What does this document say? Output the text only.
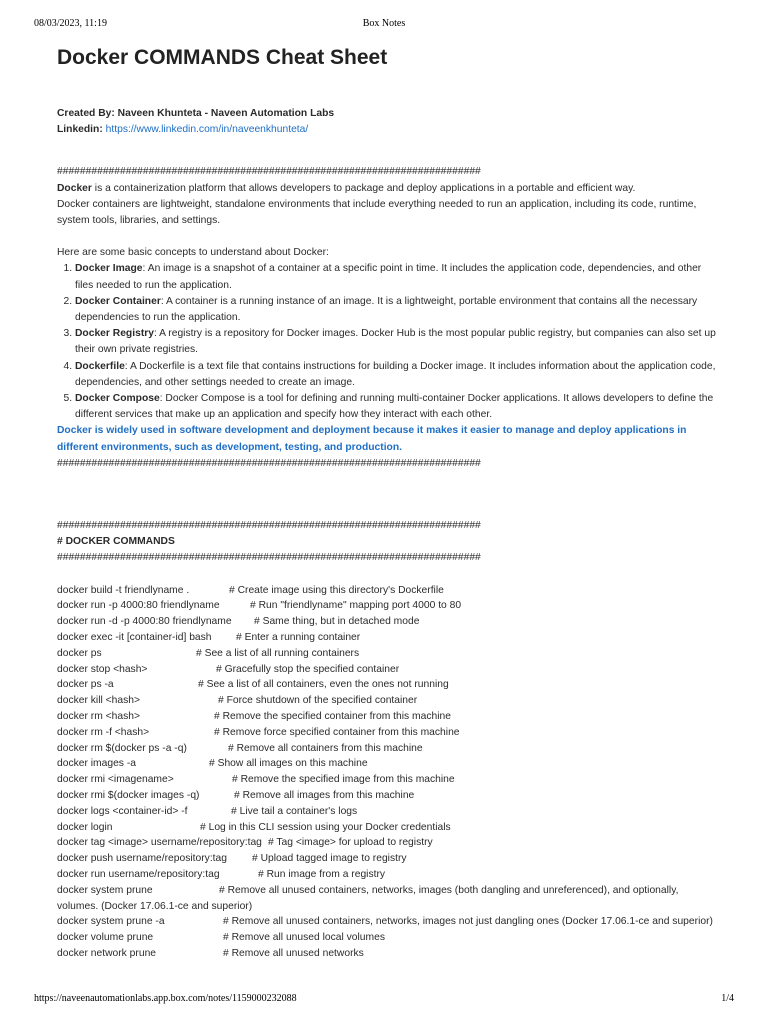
08/03/2023, 11:19	Box Notes
Docker COMMANDS Cheat Sheet
Created By: Naveen Khunteta - Naveen Automation Labs
Linkedin: https://www.linkedin.com/in/naveenkhunteta/
##########################################################################

Docker is a containerization platform that allows developers to package and deploy applications in a portable and efficient way.

Docker containers are lightweight, standalone environments that include everything needed to run an application, including its code, runtime, system tools, libraries, and settings.

Here are some basic concepts to understand about Docker:

1. Docker Image: An image is a snapshot of a container at a specific point in time. It includes the application code, dependencies, and other files needed to run the application.
2. Docker Container: A container is a running instance of an image. It is a lightweight, portable environment that contains all the necessary dependencies to run the application.
3. Docker Registry: A registry is a repository for Docker images. Docker Hub is the most popular public registry, but companies can also set up their own private registries.
4. Dockerfile: A Dockerfile is a text file that contains instructions for building a Docker image. It includes information about the application code, dependencies, and other settings needed to create an image.
5. Docker Compose: Docker Compose is a tool for defining and running multi-container Docker applications. It allows developers to define the different services that make up an application and specify how they interact with each other.

Docker is widely used in software development and deployment because it makes it easier to manage and deploy applications in different environments, such as development, testing, and production.

##########################################################################
##########################################################################
# DOCKER COMMANDS
##########################################################################
docker build -t friendlyname .	# Create image using this directory's Dockerfile
docker run -p 4000:80 friendlyname	# Run "friendlyname" mapping port 4000 to 80
docker run -d -p 4000:80 friendlyname # Same thing, but in detached mode
docker exec -it [container-id] bash # Enter a running container
docker ps	# See a list of all running containers
docker stop <hash>	# Gracefully stop the specified container
docker ps -a	# See a list of all containers, even the ones not running
docker kill <hash>	# Force shutdown of the specified container
docker rm <hash>	# Remove the specified container from this machine
docker rm -f <hash>	# Remove force specified container from this machine
docker rm $(docker ps -a -q)	# Remove all containers from this machine
docker images -a	# Show all images on this machine
docker rmi <imagename>	# Remove the specified image from this machine
docker rmi $(docker images -q)	# Remove all images from this machine
docker logs <container-id> -f	# Live tail a container's logs
docker login	# Log in this CLI session using your Docker credentials
docker tag <image> username/repository:tag # Tag <image> for upload to registry
docker push username/repository:tag # Upload tagged image to registry
docker run username/repository:tag	# Run image from a registry
docker system prune	# Remove all unused containers, networks, images (both dangling and unreferenced), and optionally, volumes. (Docker 17.06.1-ce and superior)
docker system prune -a	# Remove all unused containers, networks, images not just dangling ones (Docker 17.06.1-ce and superior)
docker volume prune	# Remove all unused local volumes
docker network prune	# Remove all unused networks
https://naveenautomationlabs.app.box.com/notes/1159000232088	1/4
